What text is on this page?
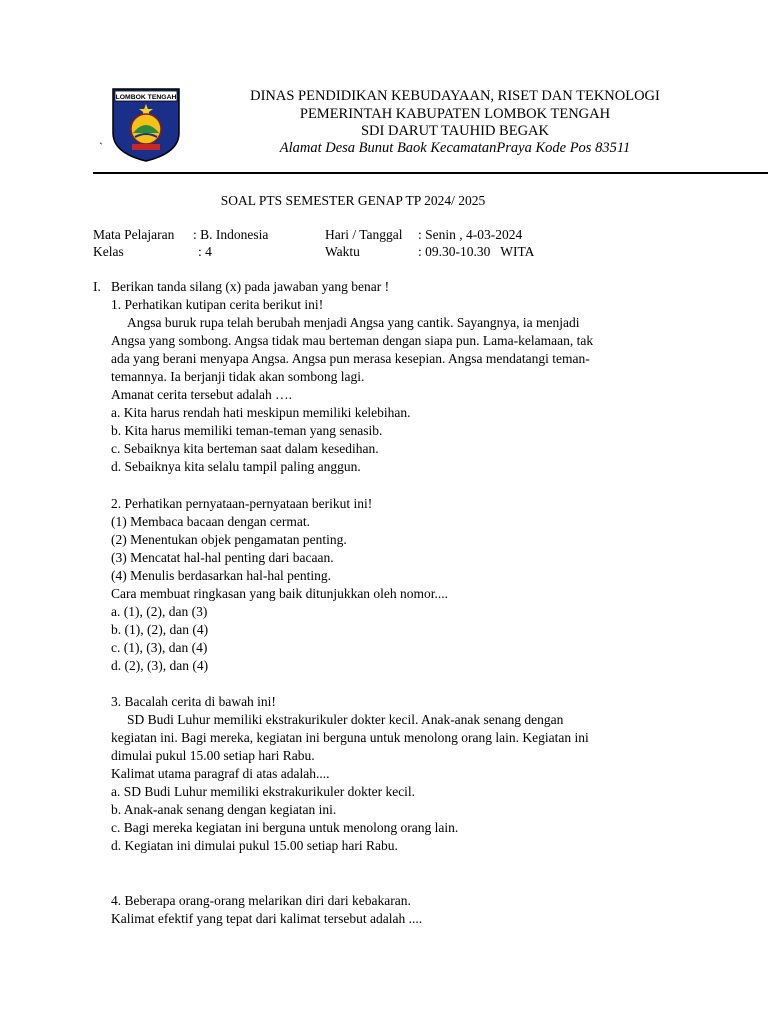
LOMBOK TENGAH
`
DINAS PENDIDIKAN KEBUDAYAAN, RISET DAN TEKNOLOGI
PEMERINTAH KABUPATEN LOMBOK TENGAH
SDI DARUT TAUHID BEGAK
Alamat Desa Bunut Baok KecamatanPraya Kode Pos 83511
SOAL PTS SEMESTER GENAP TP 2024/ 2025
Mata Pelajaran : B. Indonesia
Kelas	: 4
Hari / Tanggal : Senin , 4-03-2024
Waktu	: 09.30-10.30   WITA
I. Berikan tanda silang (x) pada jawaban yang benar !
1. Perhatikan kutipan cerita berikut ini!
Angsa buruk rupa telah berubah menjadi Angsa yang cantik. Sayangnya, ia menjadi
Angsa yang sombong. Angsa tidak mau berteman dengan siapa pun. Lama-kelamaan, tak
ada yang berani menyapa Angsa. Angsa pun merasa kesepian. Angsa mendatangi teman-
temannya. Ia berjanji tidak akan sombong lagi.
Amanat cerita tersebut adalah ….
a. Kita harus rendah hati meskipun memiliki kelebihan.
b. Kita harus memiliki teman-teman yang senasib.
c. Sebaiknya kita berteman saat dalam kesedihan.
d. Sebaiknya kita selalu tampil paling anggun.
2. Perhatikan pernyataan-pernyataan berikut ini!
(1) Membaca bacaan dengan cermat.
(2) Menentukan objek pengamatan penting.
(3) Mencatat hal-hal penting dari bacaan.
(4) Menulis berdasarkan hal-hal penting.
Cara membuat ringkasan yang baik ditunjukkan oleh nomor....
a. (1), (2), dan (3)
b. (1), (2), dan (4)
c. (1), (3), dan (4)
d. (2), (3), dan (4)
3. Bacalah cerita di bawah ini!
SD Budi Luhur memiliki ekstrakurikuler dokter kecil. Anak-anak senang dengan
kegiatan ini. Bagi mereka, kegiatan ini berguna untuk menolong orang lain. Kegiatan ini
dimulai pukul 15.00 setiap hari Rabu.
Kalimat utama paragraf di atas adalah....
a. SD Budi Luhur memiliki ekstrakurikuler dokter kecil.
b. Anak-anak senang dengan kegiatan ini.
c. Bagi mereka kegiatan ini berguna untuk menolong orang lain.
d. Kegiatan ini dimulai pukul 15.00 setiap hari Rabu.
4. Beberapa orang-orang melarikan diri dari kebakaran.
Kalimat efektif yang tepat dari kalimat tersebut adalah ....
